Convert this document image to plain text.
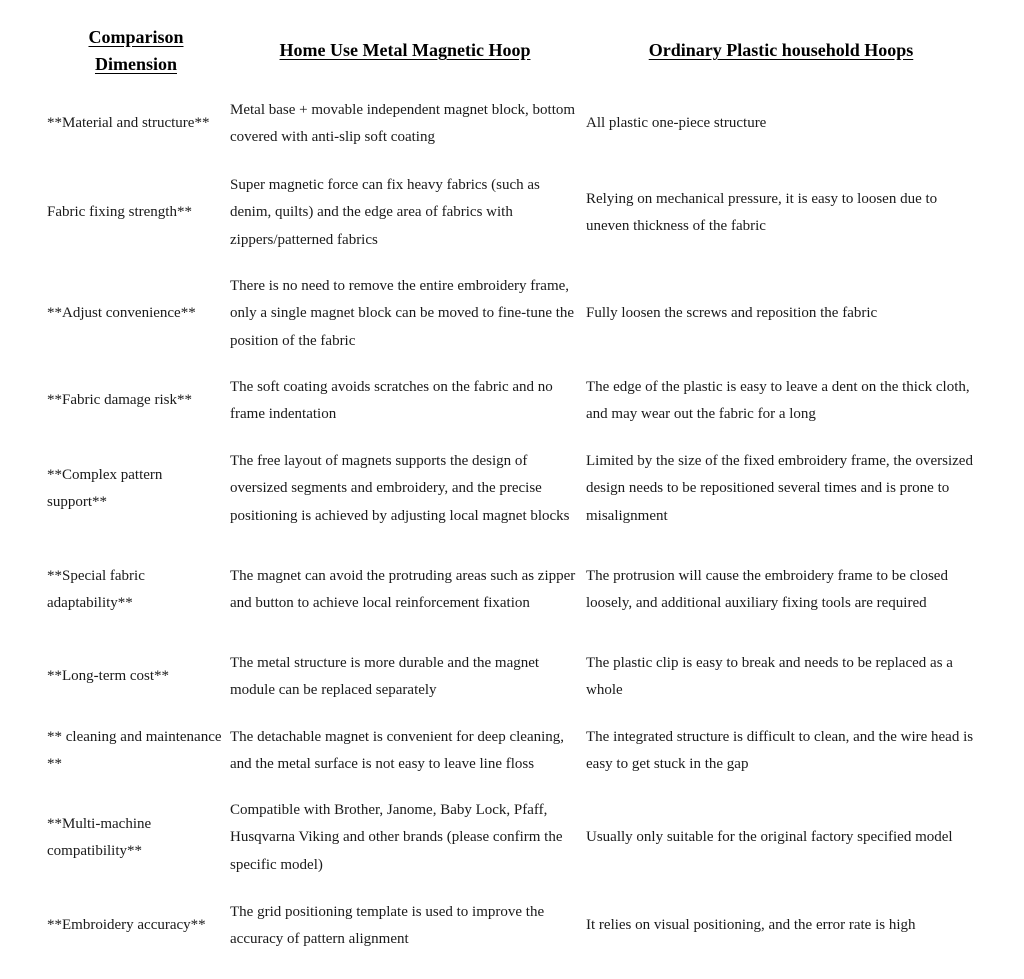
Comparison Dimension
Home Use Metal Magnetic Hoop	Ordinary Plastic household Hoops
**Material and structure**
Metal base + movable independent magnet block, bottom covered with anti-slip soft coating
All plastic one-piece structure
Fabric fixing strength**
Super magnetic force can fix heavy fabrics (such as denim, quilts) and the edge area of fabrics with zippers/patterned fabrics
Relying on mechanical pressure, it is easy to loosen due to uneven thickness of the fabric
**Adjust convenience**
There is no need to remove the entire embroidery frame, only a single magnet block can be moved to fine-tune the position of the fabric
Fully loosen the screws and reposition the fabric
**Fabric damage risk**
The soft coating avoids scratches on the fabric and no frame indentation
The edge of the plastic is easy to leave a dent on the thick cloth, and may wear out the fabric for a long
**Complex pattern support**
The free layout of magnets supports the design of oversized segments and embroidery, and the precise positioning is achieved by adjusting local magnet blocks
Limited by the size of the fixed embroidery frame, the oversized design needs to be repositioned several times and is prone to misalignment
**Special fabric adaptability**
The magnet can avoid the protruding areas such as zipper and button to achieve local reinforcement fixation
The protrusion will cause the embroidery frame to be closed loosely, and additional auxiliary fixing tools are required
**Long-term cost**
The metal structure is more durable and the magnet module can be replaced separately
The plastic clip is easy to break and needs to be replaced as a whole
** cleaning and maintenance **
The detachable magnet is convenient for deep cleaning, and the metal surface is not easy to leave line floss
The integrated structure is difficult to clean, and the wire head is easy to get stuck in the gap
**Multi-machine compatibility**
Compatible with Brother, Janome, Baby Lock, Pfaff, Husqvarna Viking and other brands (please confirm the specific model)
Usually only suitable for the original factory specified model
**Embroidery accuracy**
The grid positioning template is used to improve the accuracy of pattern alignment
It relies on visual positioning, and the error rate is high
